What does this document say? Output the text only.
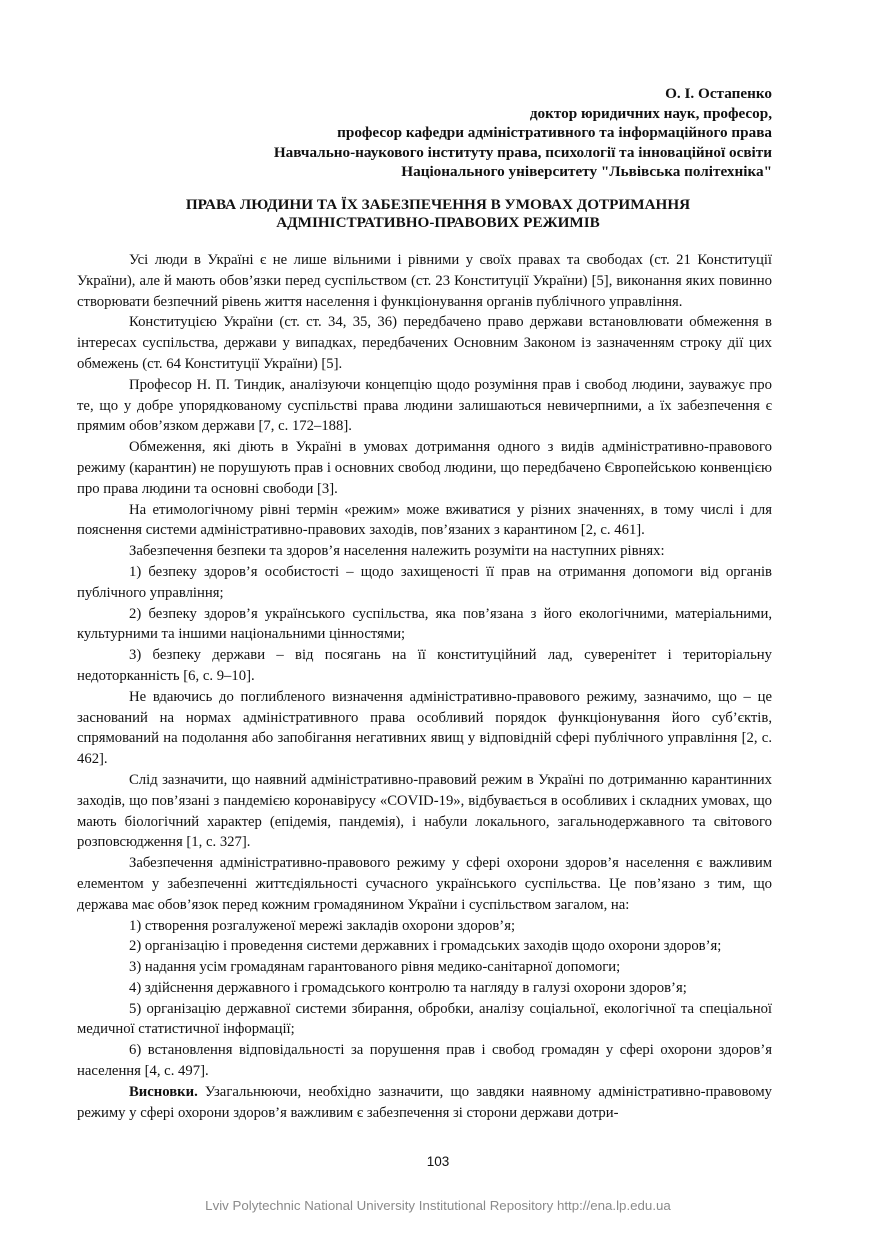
О. І. Остапенко
доктор юридичних наук, професор,
професор кафедри адміністративного та інформаційного права
Навчально-наукового інституту права, психології та інноваційної освіти
Національного університету "Львівська політехніка"
ПРАВА ЛЮДИНИ ТА ЇХ ЗАБЕЗПЕЧЕННЯ В УМОВАХ ДОТРИМАННЯ
АДМІНІСТРАТИВНО-ПРАВОВИХ РЕЖИМІВ

Усі люди в Україні є не лише вільними і рівними у своїх правах та свободах (ст. 21 Конституції України), але й мають обов’язки перед суспільством (ст. 23 Конституції України) [5], виконання яких повинно створювати безпечний рівень життя населення і функціонування органів публічного управління.

Конституцією України (ст. ст. 34, 35, 36) передбачено право держави встановлювати обмеження в інтересах суспільства, держави у випадках, передбачених Основним Законом із зазначенням строку дії цих обмежень (ст. 64 Конституції України) [5].

Професор Н. П. Тиндик, аналізуючи концепцію щодо розуміння прав і свобод людини, зауважує про те, що у добре упорядкованому суспільстві права людини залишаються невичерпними, а їх забезпечення є прямим обов’язком держави [7, с. 172–188].

Обмеження, які діють в Україні в умовах дотримання одного з видів адміністративно-правового режиму (карантин) не порушують прав і основних свобод людини, що передбачено Європейською конвенцією про права людини та основні свободи [3].

На етимологічному рівні термін «режим» може вживатися у різних значеннях, в тому числі і для пояснення системи адміністративно-правових заходів, пов’язаних з карантином [2, с. 461].

Забезпечення безпеки та здоров’я населення належить розуміти на наступних рівнях:

1) безпеку здоров’я особистості – щодо захищеності її прав на отримання допомоги від органів публічного управління;

2) безпеку здоров’я українського суспільства, яка пов’язана з його екологічними, матеріальними, культурними та іншими національними цінностями;

3) безпеку держави – від посягань на її конституційний лад, суверенітет і територіальну недоторканність [6, с. 9–10].

Не вдаючись до поглибленого визначення адміністративно-правового режиму, зазначимо, що – це заснований на нормах адміністративного права особливий порядок функціонування його суб’єктів, спрямований на подолання або запобігання негативних явищ у відповідній сфері публічного управління [2, с. 462].

Слід зазначити, що наявний адміністративно-правовий режим в Україні по дотриманню карантинних заходів, що пов’язані з пандемією коронавірусу «COVID-19», відбувається в особливих і складних умовах, що мають біологічний характер (епідемія, пандемія), і набули локального, загальнодержавного та світового розповсюдження [1, с. 327].

Забезпечення адміністративно-правового режиму у сфері охорони здоров’я населення є важливим елементом у забезпеченні життєдіяльності сучасного українського суспільства. Це пов’язано з тим, що держава має обов’язок перед кожним громадянином України і суспільством загалом, на:

1) створення розгалуженої мережі закладів охорони здоров’я;

2) організацію і проведення системи державних і громадських заходів щодо охорони здоров’я;

3) надання усім громадянам гарантованого рівня медико-санітарної допомоги;

4) здійснення державного і громадського контролю та нагляду в галузі охорони здоров’я;

5) організацію державної системи збирання, обробки, аналізу соціальної, екологічної та спеціальної медичної статистичної інформації;

6) встановлення відповідальності за порушення прав і свобод громадян у сфері охорони здоров’я населення [4, с. 497].

Висновки. Узагальнюючи, необхідно зазначити, що завдяки наявному адміністративно-правовому режиму у сфері охорони здоров’я важливим є забезпечення зі сторони держави дотри-

103
Lviv Polytechnic National University Institutional Repository http://ena.lp.edu.ua
